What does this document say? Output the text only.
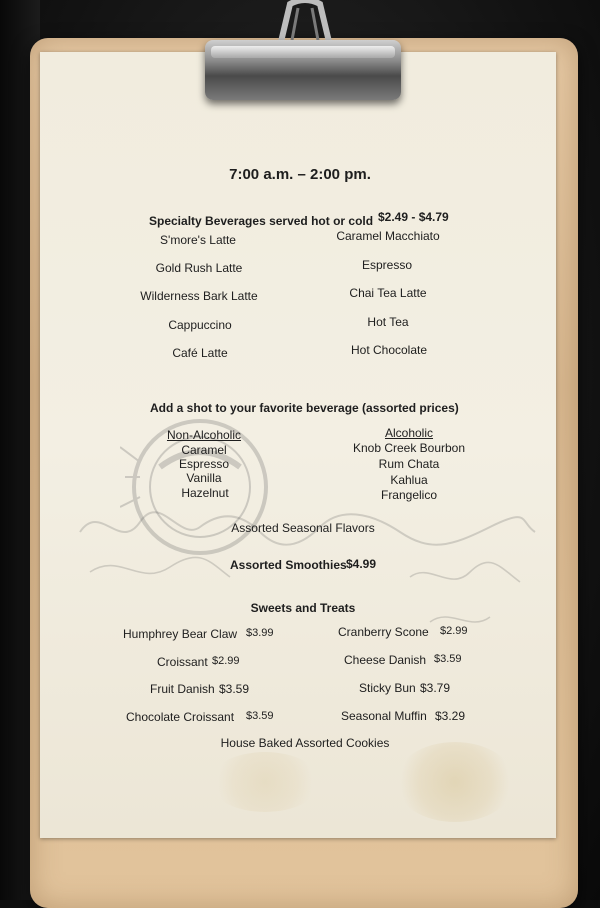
7:00 a.m. – 2:00 pm.
Specialty Beverages served hot or cold $2.49 - $4.79
S'more's Latte
Gold Rush Latte
Wilderness Bark Latte
Cappuccino
Café Latte
Caramel Macchiato
Espresso
Chai Tea Latte
Hot Tea
Hot Chocolate
Add a shot to your favorite beverage (assorted prices)
Non-Alcoholic
Caramel
Espresso
Vanilla
Hazelnut
Alcoholic
Knob Creek Bourbon
Rum Chata
Kahlua
Frangelico
Assorted Seasonal Flavors
Assorted Smoothies $4.99
Sweets and Treats
Humphrey Bear Claw $3.99
Croissant $2.99
Fruit Danish $3.59
Chocolate Croissant $3.59
Cranberry Scone $2.99
Cheese Danish $3.59
Sticky Bun $3.79
Seasonal Muffin $3.29
House Baked Assorted Cookies
